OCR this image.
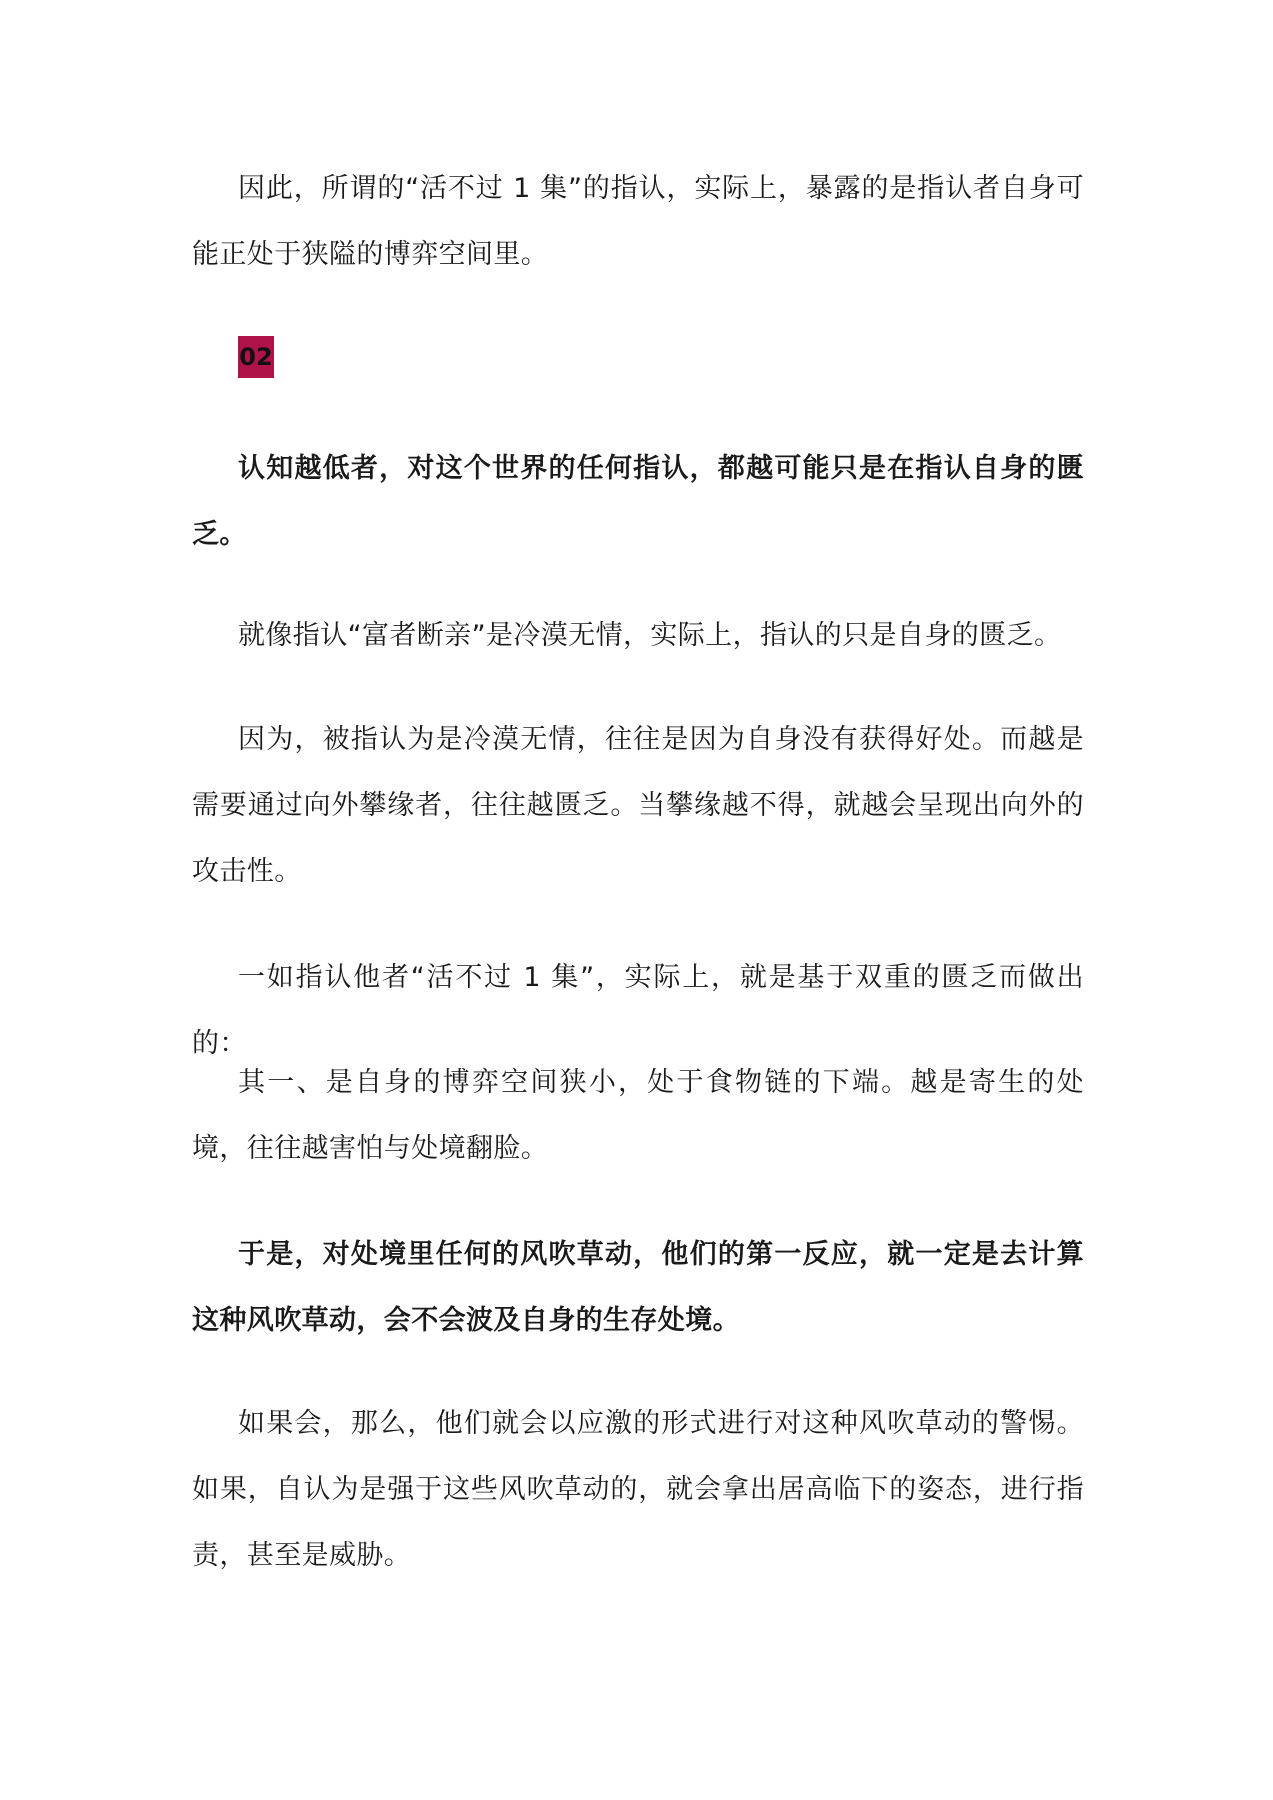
因此，所谓的“活不过 1 集”的指认，实际上，暴露的是指认者自身可能正处于狭隘的博弈空间里。

02

认知越低者，对这个世界的任何指认，都越可能只是在指认自身的匮乏。

就像指认“富者断亲”是冷漠无情，实际上，指认的只是自身的匮乏。

因为，被指认为是冷漠无情，往往是因为自身没有获得好处。而越是需要通过向外攀缘者，往往越匮乏。当攀缘越不得，就越会呈现出向外的攻击性。

一如指认他者“活不过 1 集”，实际上，就是基于双重的匮乏而做出的：

其一、是自身的博弈空间狭小，处于食物链的下端。越是寄生的处境，往往越害怕与处境翻脸。

于是，对处境里任何的风吹草动，他们的第一反应，就一定是去计算这种风吹草动，会不会波及自身的生存处境。

如果会，那么，他们就会以应激的形式进行对这种风吹草动的警惕。如果，自认为是强于这些风吹草动的，就会拿出居高临下的姿态，进行指责，甚至是威胁。
